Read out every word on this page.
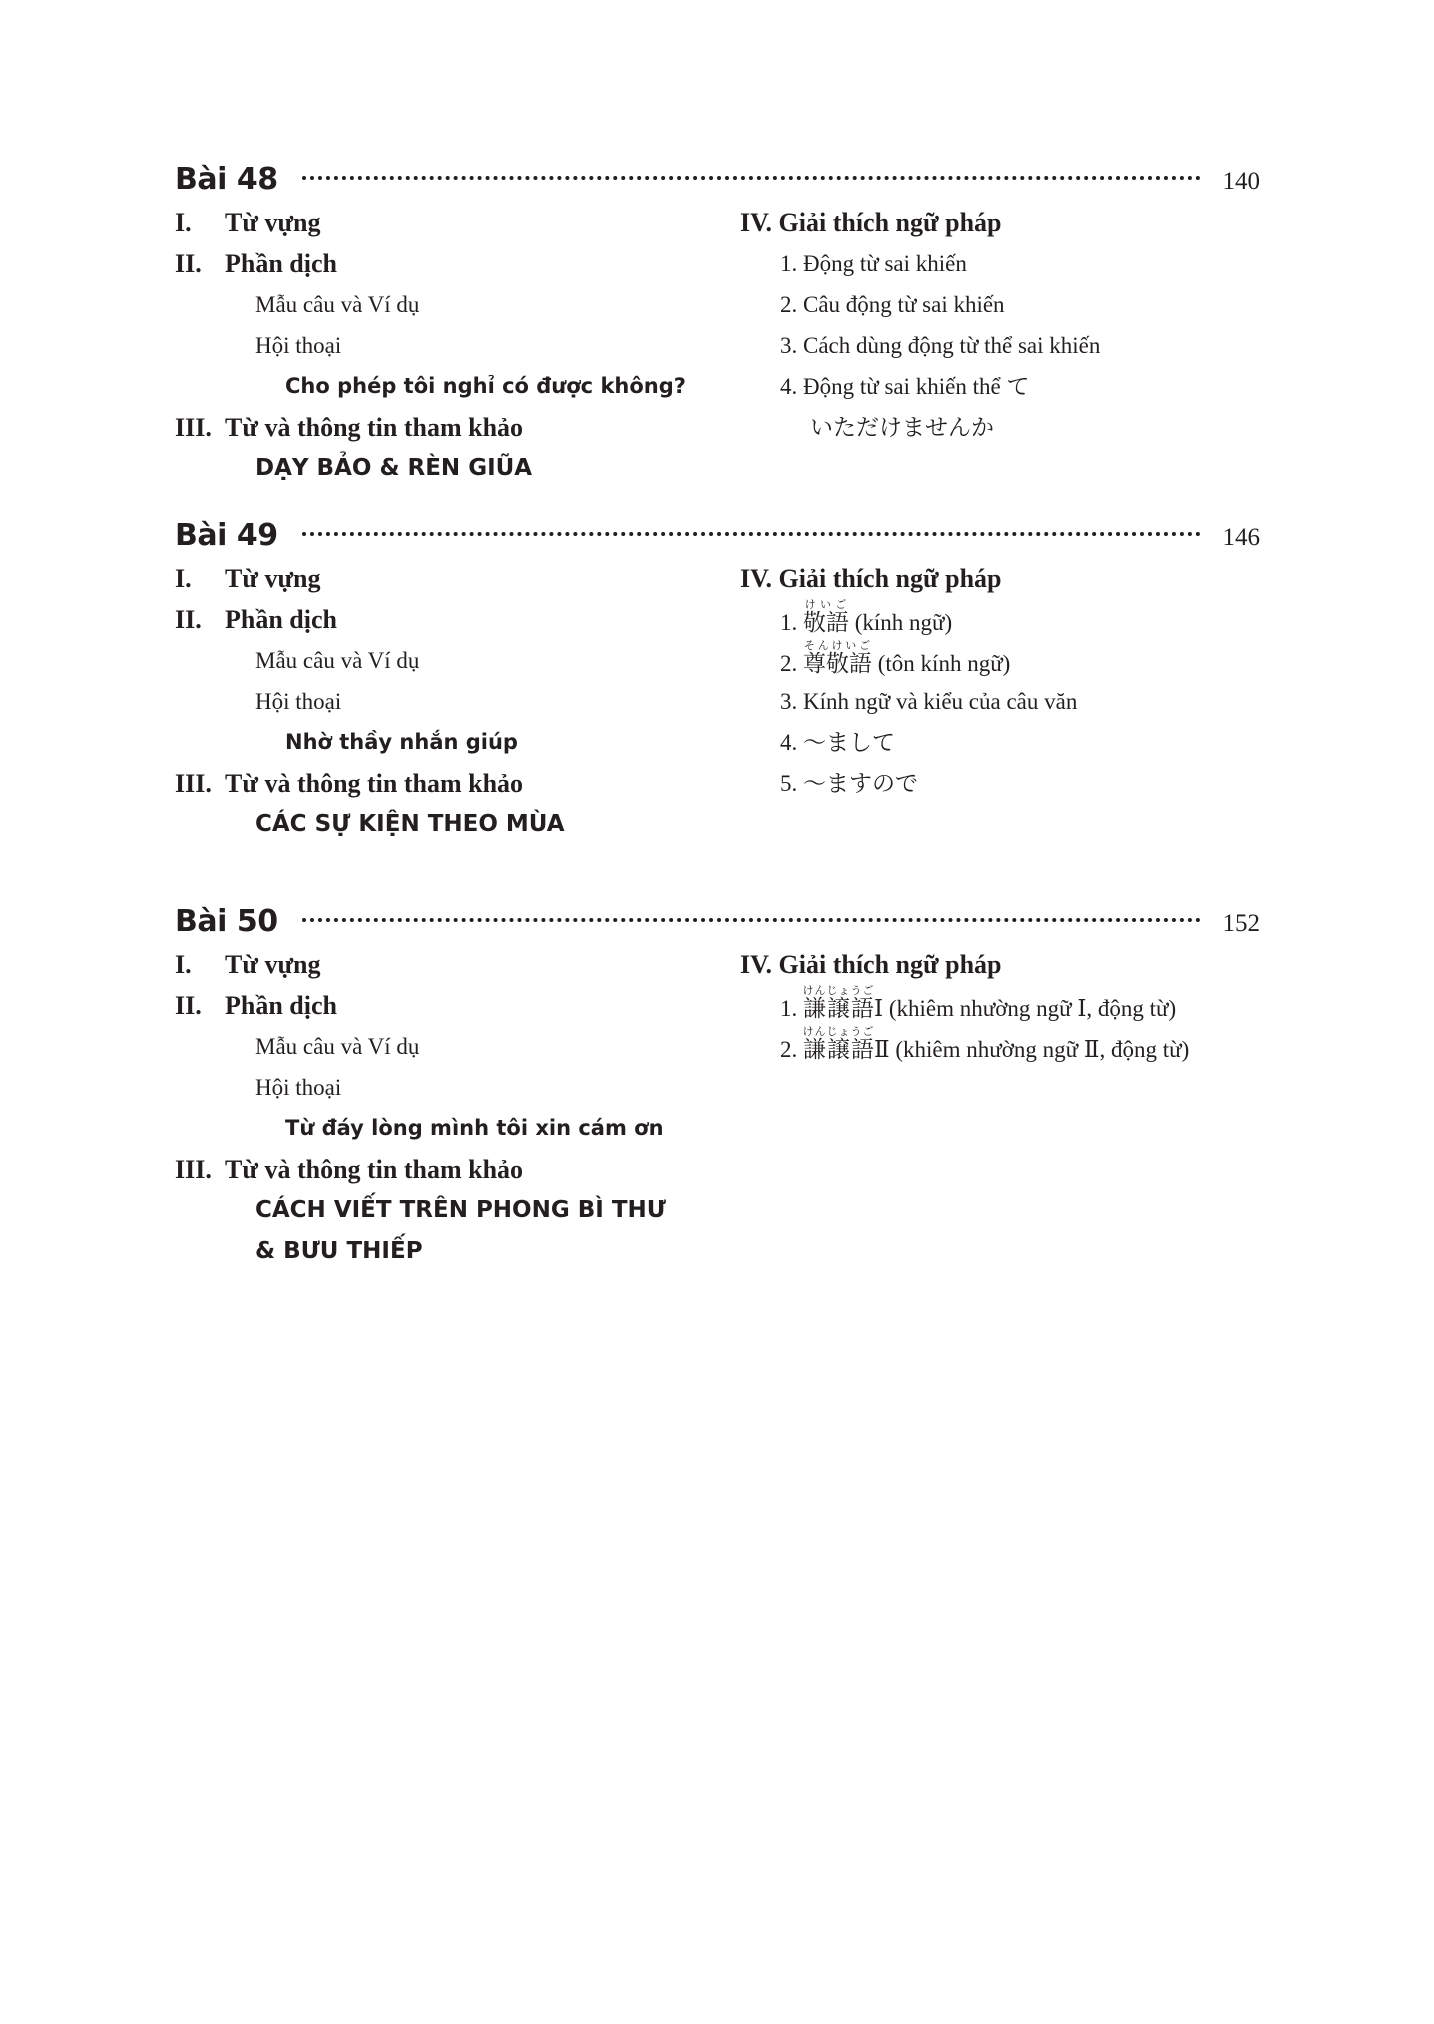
Bài 48	140
I. Từ vựng
II. Phần dịch
Mẫu câu và Ví dụ
Hội thoại
Cho phép tôi nghỉ có được không?
III. Từ và thông tin tham khảo
DẠY BẢO & RÈN GIŨA
IV. Giải thích ngữ pháp
1. Động từ sai khiến
2. Câu động từ sai khiến
3. Cách dùng động từ thể sai khiến
4. Động từ sai khiến thể て
いただけませんか
Bài 49	146
I. Từ vựng
II. Phần dịch
Mẫu câu và Ví dụ
Hội thoại
Nhờ thầy nhắn giúp
III. Từ và thông tin tham khảo
CÁC SỰ KIỆN THEO MÙA
IV. Giải thích ngữ pháp
1. 敬語けいご (kính ngữ)
2. 尊敬語そんけいご (tôn kính ngữ)
3. Kính ngữ và kiểu của câu văn
4. ～まして
5. ～ますので
Bài 50	152
I. Từ vựng
II. Phần dịch
Mẫu câu và Ví dụ
Hội thoại
Từ đáy lòng mình tôi xin cám ơn
III. Từ và thông tin tham khảo
CÁCH VIẾT TRÊN PHONG BÌ THƯ & BƯU THIẾP
IV. Giải thích ngữ pháp
1. 謙譲語けんじょうごⅠ (khiêm nhường ngữ Ⅰ, động từ)
2. 謙譲語けんじょうごⅡ (khiêm nhường ngữ Ⅱ, động từ)
